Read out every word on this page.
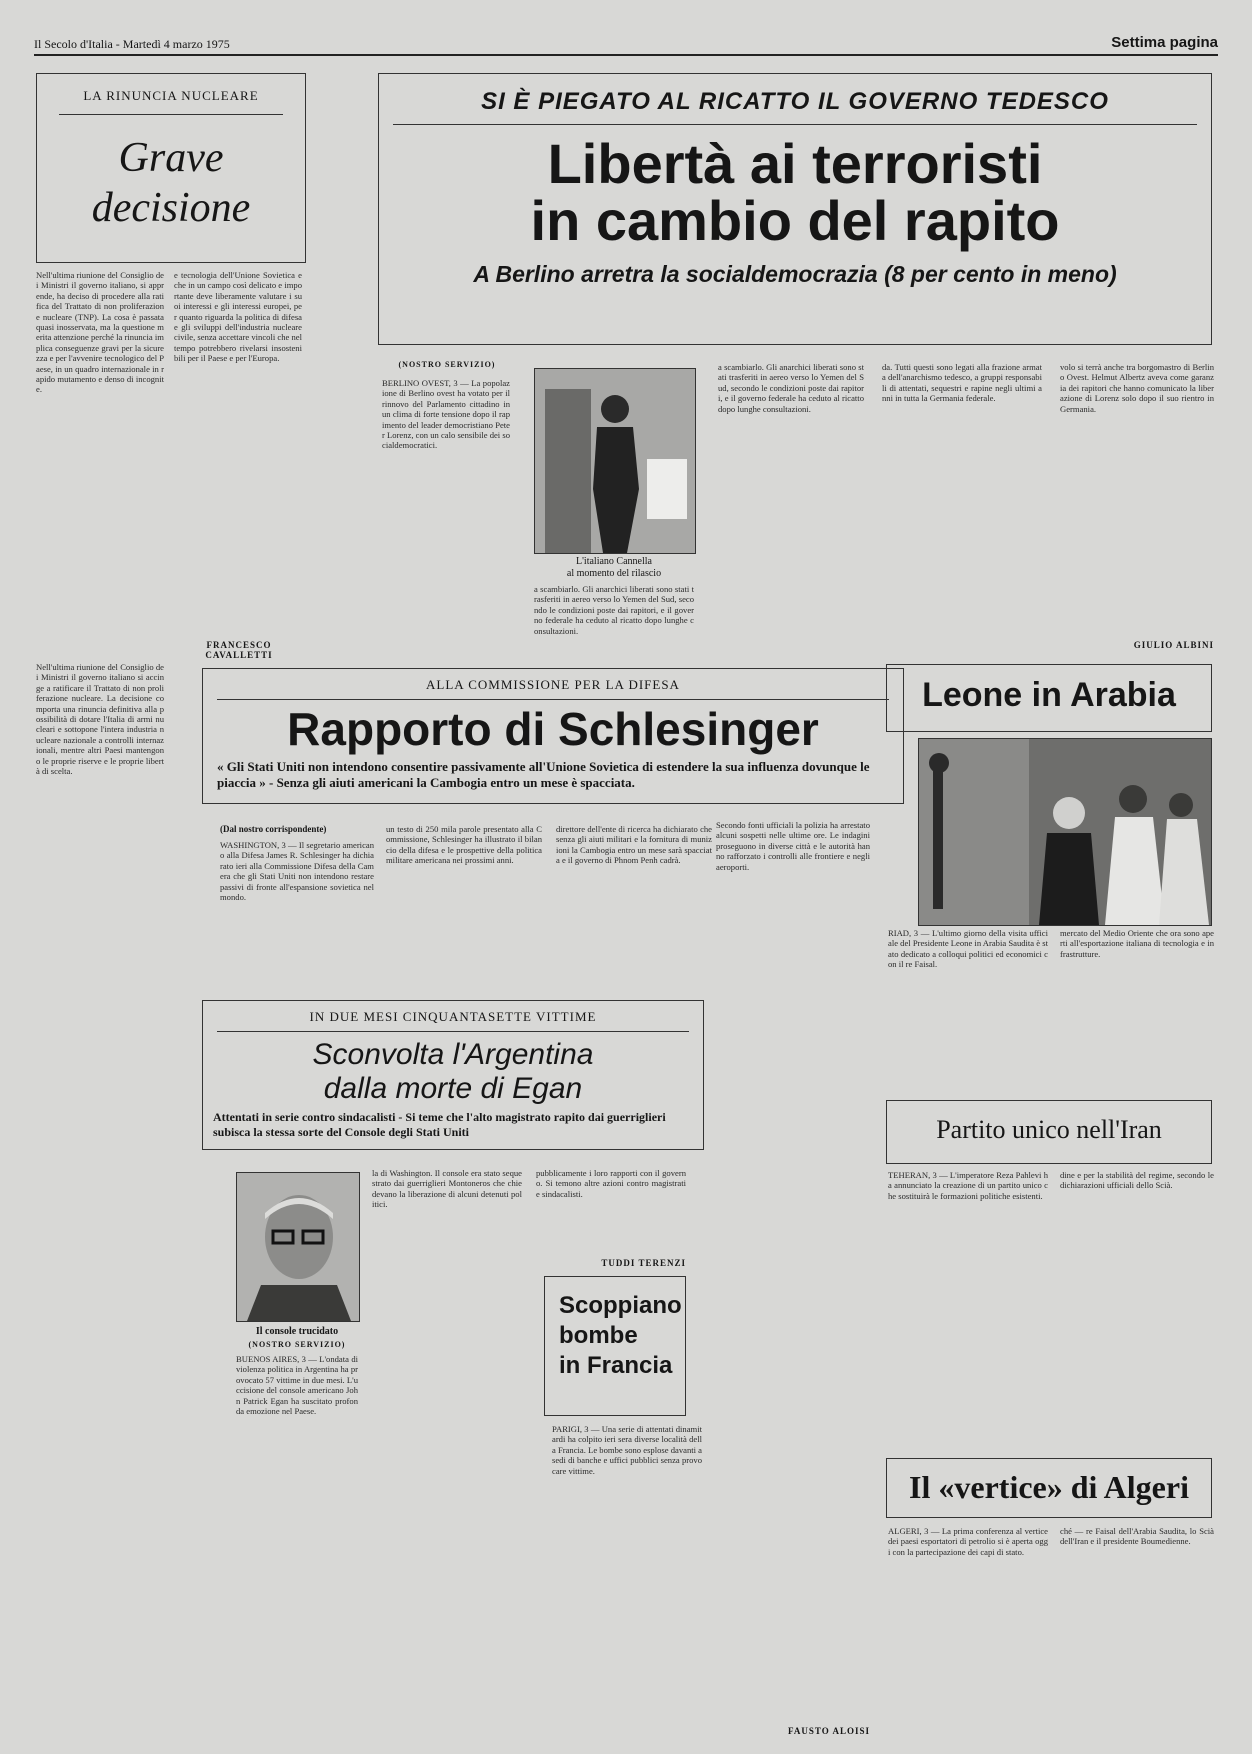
Il Secolo d'Italia - Martedì 4 marzo 1975	Settima pagina
LA RINUNCIA NUCLEARE
Grave
decisione
Nell'ultima riunione del Consiglio dei Ministri il governo italiano, si apprende, ha deciso di procedere alla ratifica del Trattato di non proliferazione nucleare (TNP). La cosa è passata quasi inosservata, ma la questione merita attenzione perché la rinuncia implica conseguenze gravi per la sicurezza e per l'avvenire tecnologico del Paese, in un quadro internazionale in rapido mutamento e denso di incognite.
e tecnologia dell'Unione Sovietica e che in un campo così delicato e importante deve liberamente valutare i suoi interessi e gli interessi europei, per quanto riguarda la politica di difesa e gli sviluppi dell'industria nucleare civile, senza accettare vincoli che nel tempo potrebbero rivelarsi insostenibili per il Paese e per l'Europa.
FRANCESCO CAVALLETTI
Nell'ultima riunione del Consiglio dei Ministri il governo italiano si accinge a ratificare il Trattato di non proliferazione nucleare. La decisione comporta una rinuncia definitiva alla possibilità di dotare l'Italia di armi nucleari e sottopone l'intera industria nucleare nazionale a controlli internazionali, mentre altri Paesi mantengono le proprie riserve e le proprie libertà di scelta.
SI È PIEGATO AL RICATTO IL GOVERNO TEDESCO
Libertà ai terroristi
in cambio del rapito
A Berlino arretra la socialdemocrazia (8 per cento in meno)
(NOSTRO SERVIZIO)
BERLINO OVEST, 3 — La popolazione di Berlino ovest ha votato per il rinnovo del Parlamento cittadino in un clima di forte tensione dopo il rapimento del leader democristiano Peter Lorenz, con un calo sensibile dei socialdemocratici.
L'italiano Cannella
al momento del rilascio
a scambiarlo. Gli anarchici liberati sono stati trasferiti in aereo verso lo Yemen del Sud, secondo le condizioni poste dai rapitori, e il governo federale ha ceduto al ricatto dopo lunghe consultazioni.
a scambiarlo. Gli anarchici liberati sono stati trasferiti in aereo verso lo Yemen del Sud, secondo le condizioni poste dai rapitori, e il governo federale ha ceduto al ricatto dopo lunghe consultazioni.
da. Tutti questi sono legati alla frazione armata dell'anarchismo tedesco, a gruppi responsabili di attentati, sequestri e rapine negli ultimi anni in tutta la Germania federale.
volo si terrà anche tra borgomastro di Berlino Ovest. Helmut Albertz aveva come garanzia dei rapitori che hanno comunicato la liberazione di Lorenz solo dopo il suo rientro in Germania.
GIULIO ALBINI
ALLA COMMISSIONE PER LA DIFESA
Rapporto di Schlesinger
« Gli Stati Uniti non intendono consentire passivamente all'Unione Sovietica di estendere la sua influenza dovunque le piaccia » - Senza gli aiuti americani la Cambogia entro un mese è spacciata.
(Dal nostro corrispondente)
WASHINGTON, 3 — Il segretario americano alla Difesa James R. Schlesinger ha dichiarato ieri alla Commissione Difesa della Camera che gli Stati Uniti non intendono restare passivi di fronte all'espansione sovietica nel mondo.
un testo di 250 mila parole presentato alla Commissione, Schlesinger ha illustrato il bilancio della difesa e le prospettive della politica militare americana nei prossimi anni.
direttore dell'ente di ricerca ha dichiarato che senza gli aiuti militari e la fornitura di munizioni la Cambogia entro un mese sarà spacciata e il governo di Phnom Penh cadrà.
IN DUE MESI CINQUANTASETTE VITTIME
Sconvolta l'Argentina
dalla morte di Egan
Attentati in serie contro sindacalisti - Si teme che l'alto magistrato rapito dai guerriglieri subisca la stessa sorte del Console degli Stati Uniti
Il console trucidato
(NOSTRO SERVIZIO)
BUENOS AIRES, 3 — L'ondata di violenza politica in Argentina ha provocato 57 vittime in due mesi. L'uccisione del console americano John Patrick Egan ha suscitato profonda emozione nel Paese.
la di Washington. Il console era stato sequestrato dai guerriglieri Montoneros che chiedevano la liberazione di alcuni detenuti politici.
pubblicamente i loro rapporti con il governo. Si temono altre azioni contro magistrati e sindacalisti.
TUDDI TERENZI
Scoppiano
bombe
in Francia
PARIGI, 3 — Una serie di attentati dinamitardi ha colpito ieri sera diverse località della Francia. Le bombe sono esplose davanti a sedi di banche e uffici pubblici senza provocare vittime.
Secondo fonti ufficiali la polizia ha arrestato alcuni sospetti nelle ultime ore. Le indagini proseguono in diverse città e le autorità hanno rafforzato i controlli alle frontiere e negli aeroporti.
FAUSTO ALOISI
Leone in Arabia
RIAD, 3 — L'ultimo giorno della visita ufficiale del Presidente Leone in Arabia Saudita è stato dedicato a colloqui politici ed economici con il re Faisal.
mercato del Medio Oriente che ora sono aperti all'esportazione italiana di tecnologia e infrastrutture.
Partito unico nell'Iran
TEHERAN, 3 — L'imperatore Reza Pahlevi ha annunciato la creazione di un partito unico che sostituirà le formazioni politiche esistenti.
dine e per la stabilità del regime, secondo le dichiarazioni ufficiali dello Scià.
Il «vertice» di Algeri
ALGERI, 3 — La prima conferenza al vertice dei paesi esportatori di petrolio si è aperta oggi con la partecipazione dei capi di stato.
ché — re Faisal dell'Arabia Saudita, lo Scià dell'Iran e il presidente Boumedienne.
